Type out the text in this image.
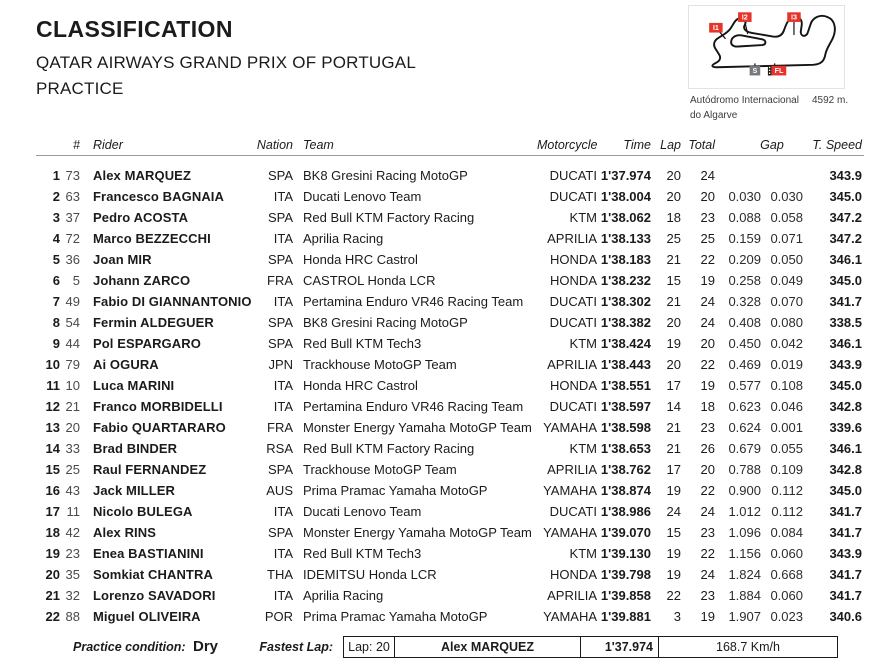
CLASSIFICATION
QATAR AIRWAYS GRAND PRIX OF PORTUGAL
PRACTICE
I1
I2	I3
S FL
Autódromo Internacional do Algarve
4592 m.
#	Rider	Nation Team	Motorcycle	Time Lap Total	Gap	T. Speed
1 73	Alex MARQUEZ	SPA BK8 Gresini Racing MotoGP	DUCATI 1'37.974	20	24	343.9
2 63	Francesco BAGNAIA	ITA Ducati Lenovo Team	DUCATI 1'38.004	20	20	0.030 0.030	345.0
3 37	Pedro ACOSTA	SPA Red Bull KTM Factory Racing	KTM 1'38.062	18	23	0.088 0.058	347.2
4 72	Marco BEZZECCHI	ITA Aprilia Racing	APRILIA 1'38.133	25	25	0.159 0.071	347.2
5 36	Joan MIR	SPA Honda HRC Castrol	HONDA 1'38.183	21	22	0.209 0.050	346.1
6 5	Johann ZARCO	FRA CASTROL Honda LCR	HONDA 1'38.232	15	19	0.258 0.049	345.0
7 49	Fabio DI GIANNANTONIO	ITA Pertamina Enduro VR46 Racing Team	DUCATI 1'38.302	21	24	0.328 0.070	341.7
8 54	Fermin ALDEGUER	SPA BK8 Gresini Racing MotoGP	DUCATI 1'38.382	20	24	0.408 0.080	338.5
9 44	Pol ESPARGARO	SPA Red Bull KTM Tech3	KTM 1'38.424	19	20	0.450 0.042	346.1
10 79	Ai OGURA	JPN Trackhouse MotoGP Team	APRILIA 1'38.443	20	22	0.469 0.019	343.9
11 10	Luca MARINI	ITA Honda HRC Castrol	HONDA 1'38.551	17	19	0.577 0.108	345.0
12 21	Franco MORBIDELLI	ITA Pertamina Enduro VR46 Racing Team	DUCATI 1'38.597	14	18	0.623 0.046	342.8
13 20	Fabio QUARTARARO	FRA Monster Energy Yamaha MotoGP Team YAMAHA 1'38.598	21	23	0.624 0.001	339.6
14 33	Brad BINDER	RSA Red Bull KTM Factory Racing	KTM 1'38.653	21	26	0.679 0.055	346.1
15 25	Raul FERNANDEZ	SPA Trackhouse MotoGP Team	APRILIA 1'38.762	17	20	0.788 0.109	342.8
16 43	Jack MILLER	AUS Prima Pramac Yamaha MotoGP	YAMAHA 1'38.874	19	22	0.900 0.112	345.0
17 11	Nicolo BULEGA	ITA Ducati Lenovo Team	DUCATI 1'38.986	24	24	1.012 0.112	341.7
18 42	Alex RINS	SPA Monster Energy Yamaha MotoGP Team YAMAHA 1'39.070	15	23	1.096 0.084	341.7
19 23	Enea BASTIANINI	ITA Red Bull KTM Tech3	KTM 1'39.130	19	22	1.156 0.060	343.9
20 35	Somkiat CHANTRA	THA IDEMITSU Honda LCR	HONDA 1'39.798	19	24	1.824 0.668	341.7
21 32	Lorenzo SAVADORI	ITA Aprilia Racing	APRILIA 1'39.858	22	23	1.884 0.060	341.7
22 88	Miguel OLIVEIRA	POR Prima Pramac Yamaha MotoGP	YAMAHA 1'39.881	3	19	1.907 0.023	340.6
Practice condition: Dry	Fastest Lap:	Lap: 20	Alex MARQUEZ	1'37.974	168.7 Km/h
